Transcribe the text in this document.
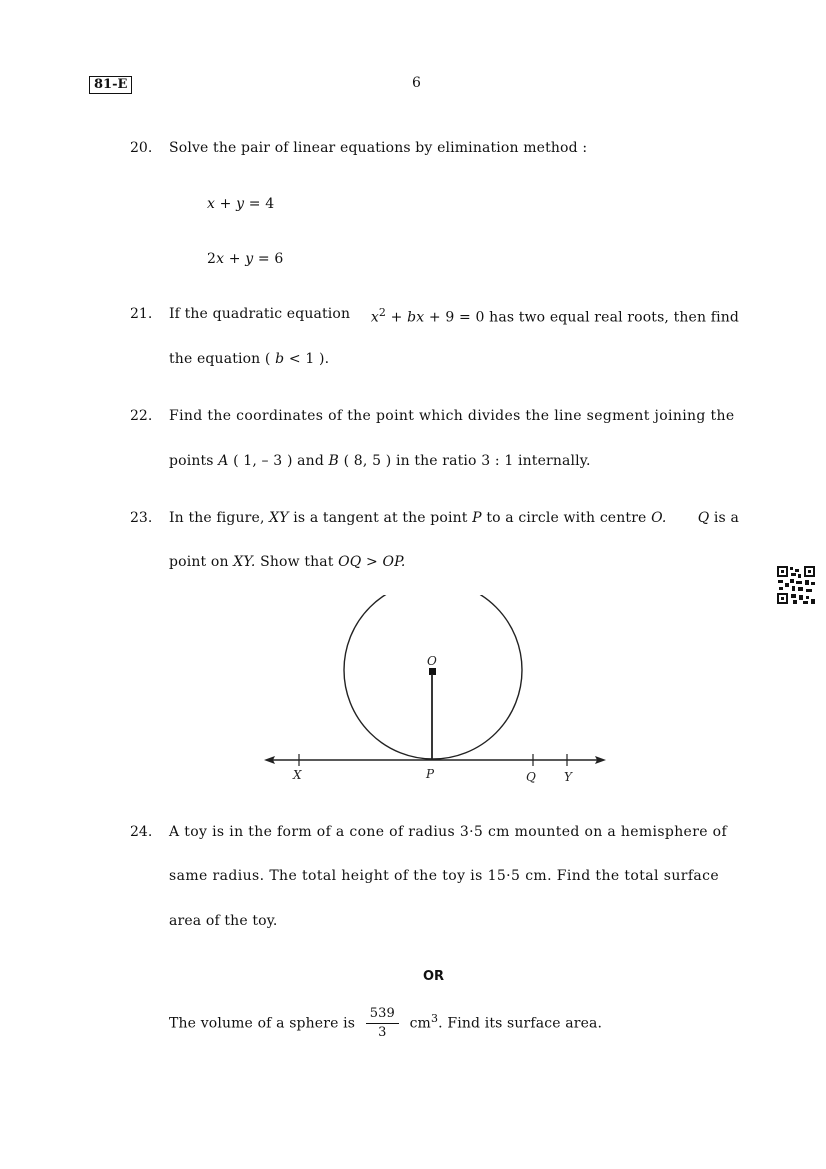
81-E	6
20. Solve the pair of linear equations by elimination method :
x + y = 4
2x + y = 6
21. If the quadratic equation $x^2$ + bx + 9 = 0 has two equal real roots, then find
the equation ( b < 1 ).
22. Find the coordinates of the point which divides the line segment joining the
points A ( 1, – 3 ) and B ( 8, 5 ) in the ratio 3 : 1 internally.
23. In the figure, XY is a tangent at the point P to a circle with centre O. Q is a
point on XY. Show that OQ > OP.
O
X	P	Q Y
24. A toy is in the form of a cone of radius 3·5 cm mounted on a hemisphere of
same radius. The total height of the toy is 15·5 cm. Find the total surface
area of the toy.
OR
The volume of a sphere is $\frac{539}{3} cm^3$. Find its surface area.
